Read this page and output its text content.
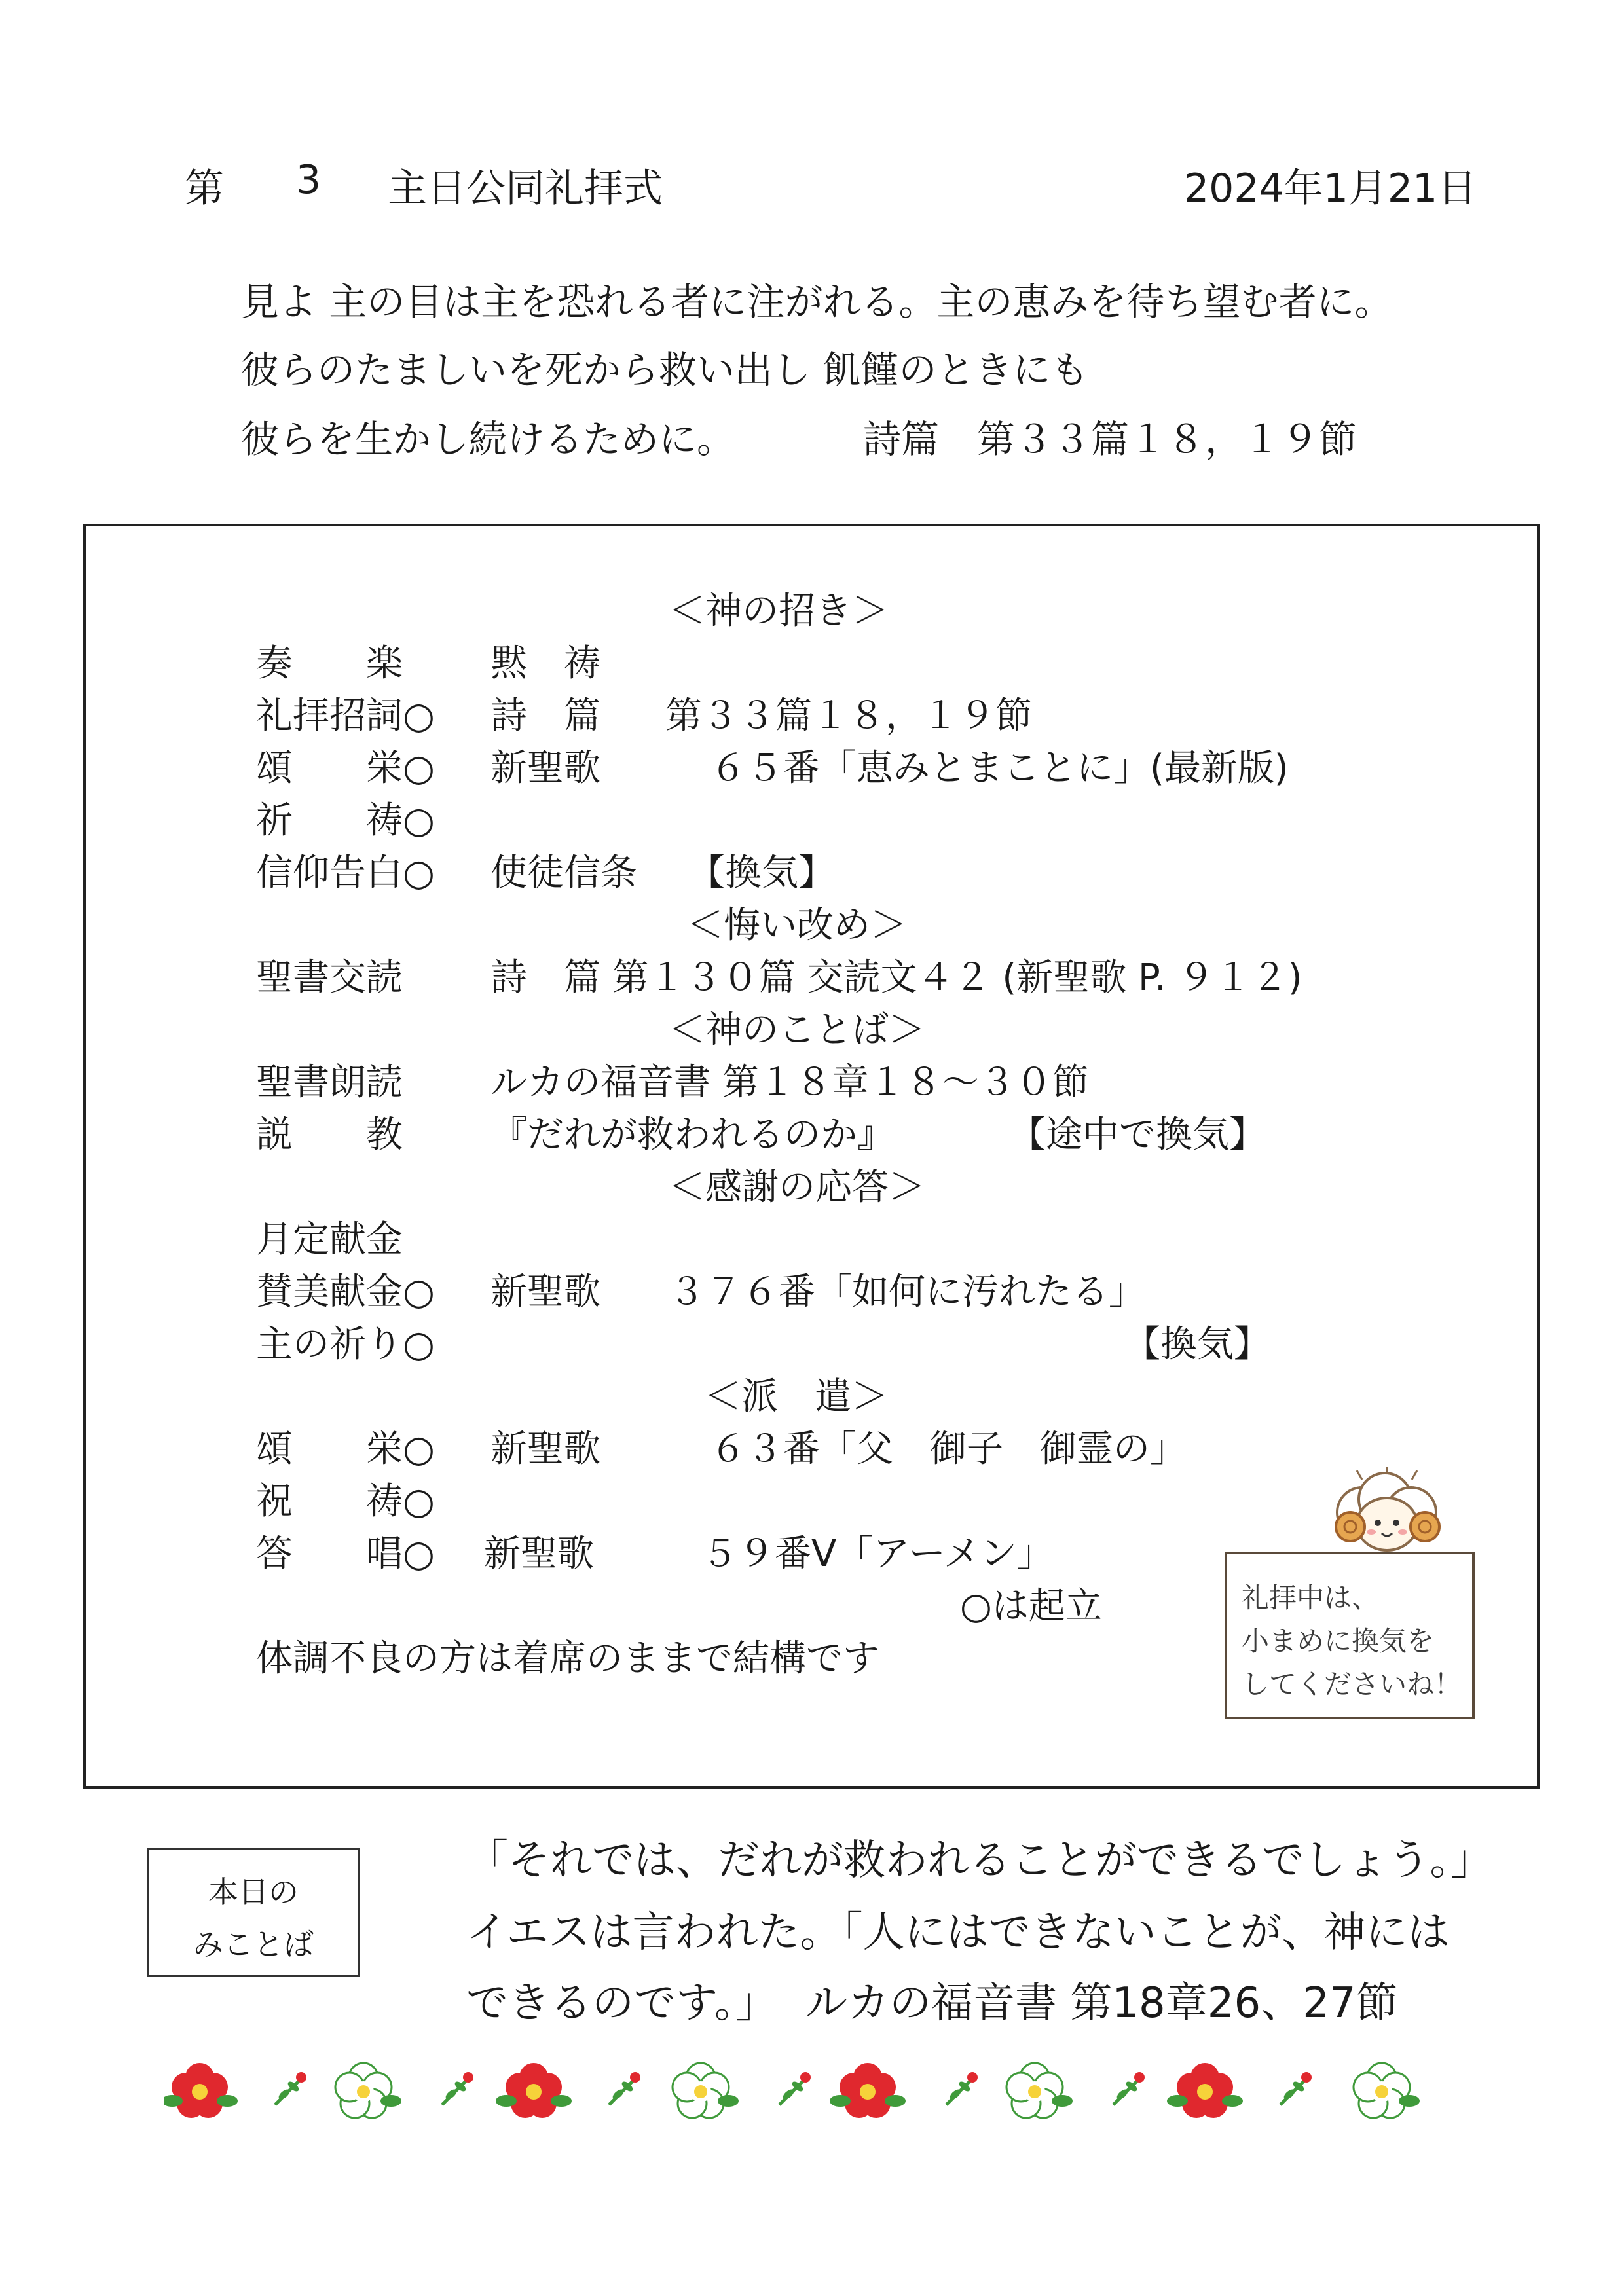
第 3 主日公同礼拝式	2024年1月21日
見よ 主の目は主を恐れる者に注がれる。主の恵みを待ち望む者に。
彼らのたましいを死から救い出し 飢饉のときにも
彼らを生かし続けるために。	詩篇　第３３篇１８，１９節
＜神の招き＞
奏　　楽 黙　祷
礼拝招詞○ 詩　篇 第３３篇１８，１９節
頌　　栄○ 新聖歌	６５番「恵みとまことに」(最新版)
祈　　祷○
信仰告白○ 使徒信条 【換気】
＜悔い改め＞
聖書交読 詩　篇 第１３０篇 交読文４２ (新聖歌 P. ９１２)
＜神のことば＞
聖書朗読 ルカの福音書 第１８章１８～３０節
説　　教 『だれが救われるのか』	【途中で換気】
＜感謝の応答＞
月定献金
賛美献金○ 新聖歌 ３７６番「如何に汚れたる」
主の祈り○	【換気】
＜派　遣＞
頌　　栄○ 新聖歌	６３番「父　御子　御霊の」
祝　　祷○
答　　唱○ 新聖歌	５９番Ⅴ「アーメン」
○は起立
体調不良の方は着席のままで結構です
礼拝中は、
小まめに換気を
してくださいね！
本日の
みことば
「それでは、だれが救われることができるでしょう。」
イエスは言われた。「人にはできないことが、神には
できるのです。」 ルカの福音書 第18章26、27節
